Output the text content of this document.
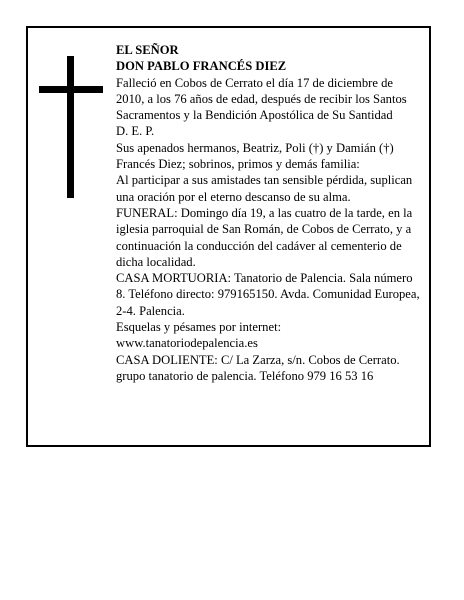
EL SEÑOR

DON PABLO FRANCÉS DIEZ

Falleció en Cobos de Cerrato el día 17 de diciembre de 2010, a los 76 años de edad, después de recibir los Santos Sacramentos y la Bendición Apostólica de Su Santidad

D. E. P.

Sus apenados hermanos, Beatriz, Poli (†) y Damián (†) Francés Diez; sobrinos, primos y demás familia:

Al participar a sus amistades tan sensible pérdida, suplican una oración por el eterno descanso de su alma.

FUNERAL: Domingo día 19, a las cuatro de la tarde, en la iglesia parroquial de San Román, de Cobos de Cerrato, y a continuación la conducción del cadáver al cementerio de dicha localidad.

CASA MORTUORIA: Tanatorio de Palencia. Sala número 8. Teléfono directo: 979165150. Avda. Comunidad Europea, 2-4. Palencia.

Esquelas y pésames por internet:

www.tanatoriodepalencia.es

CASA DOLIENTE: C/ La Zarza, s/n. Cobos de Cerrato.

grupo tanatorio de palencia. Teléfono 979 16 53 16
